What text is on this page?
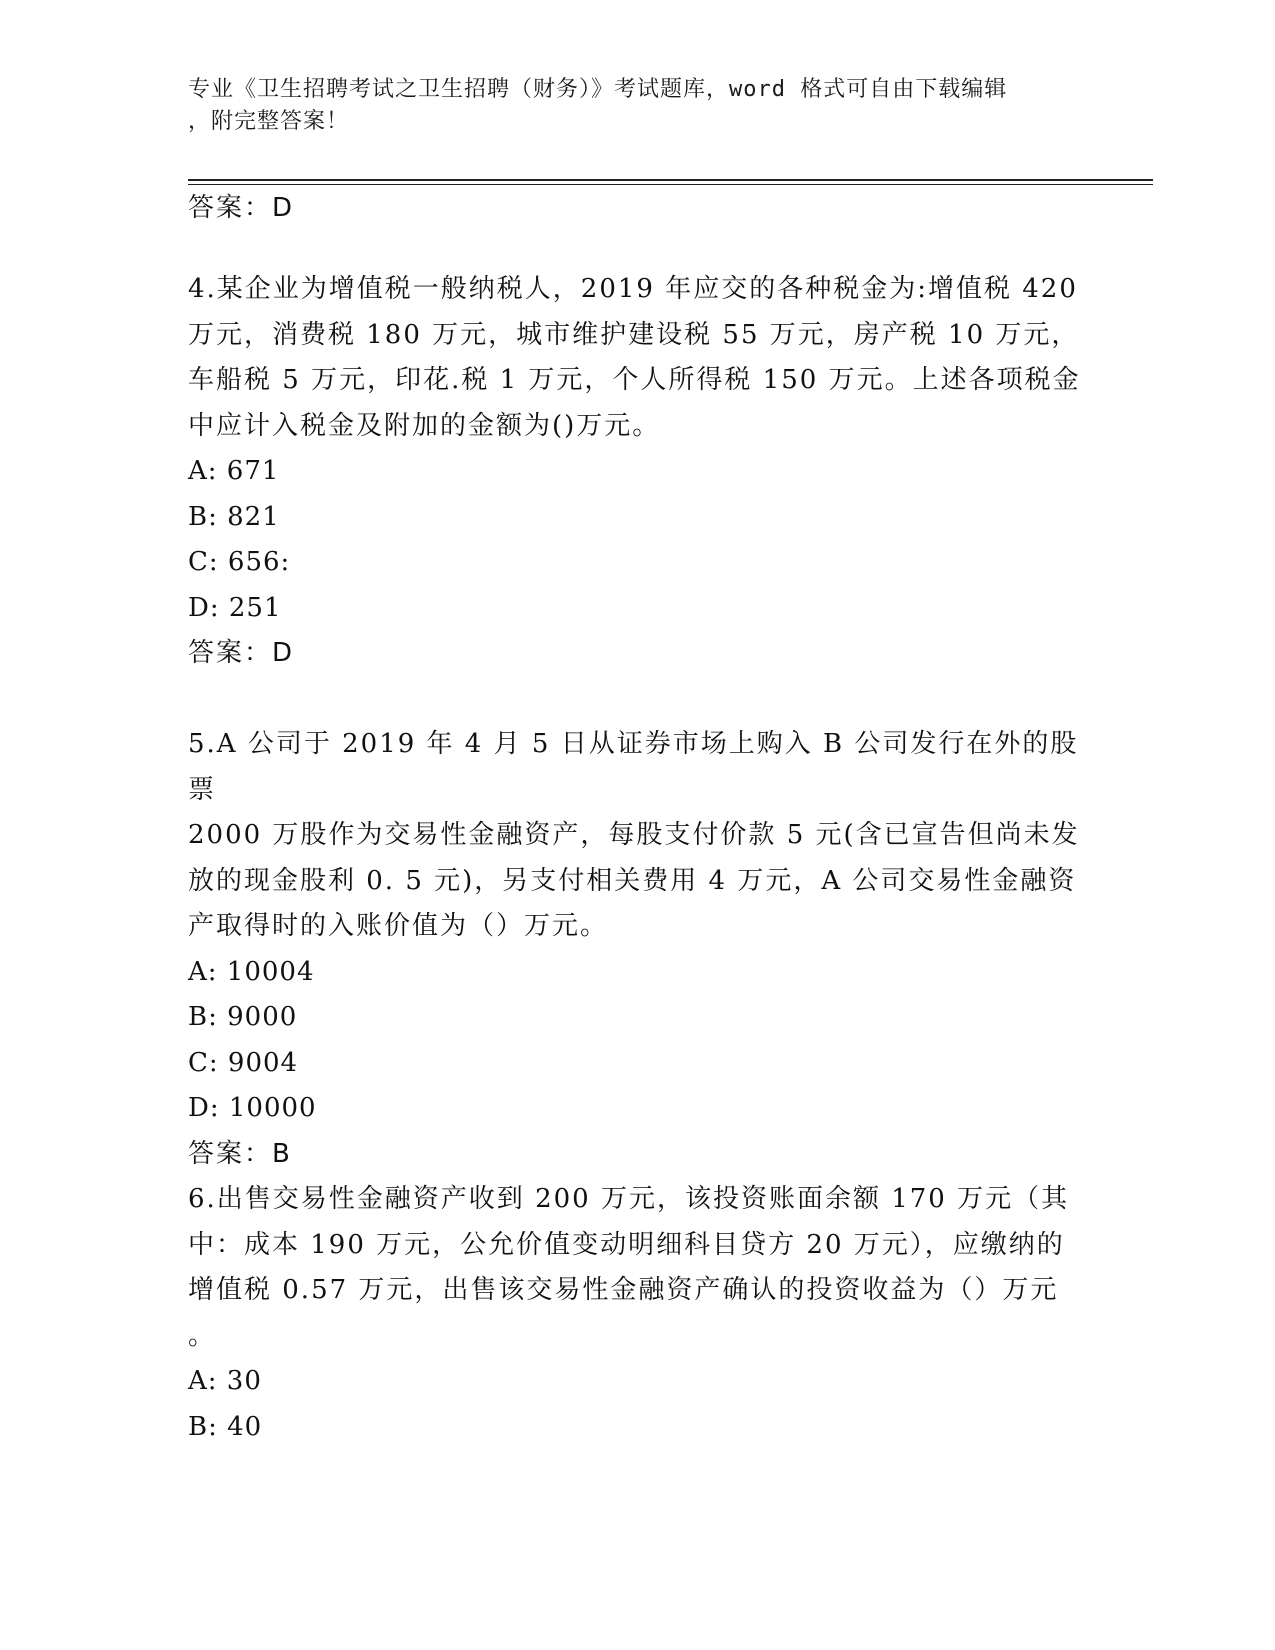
专业《卫生招聘考试之卫生招聘（财务）》考试题库，word 格式可自由下载编辑
，附完整答案！
答案：D
4.某企业为增值税一般纳税人，2019 年应交的各种税金为:增值税 420
万元，消费税 180 万元，城市维护建设税 55 万元，房产税 10 万元，
车船税 5 万元，印花.税 1 万元，个人所得税 150 万元。上述各项税金
中应计入税金及附加的金额为()万元。
A: 671
B: 821
C: 656:
D: 251
答案：D
5.A 公司于 2019 年 4 月 5 日从证券市场上购入 B 公司发行在外的股票
2000 万股作为交易性金融资产，每股支付价款 5 元(含已宣告但尚未发
放的现金股利 0. 5 元)，另支付相关费用 4 万元，A 公司交易性金融资
产取得时的入账价值为（）万元。
A: 10004
B: 9000
C: 9004
D: 10000
答案：B
6.出售交易性金融资产收到 200 万元，该投资账面余额 170 万元（其
中：成本 190 万元，公允价值变动明细科目贷方 20 万元），应缴纳的
增值税 0.57 万元，出售该交易性金融资产确认的投资收益为（）万元
。
A: 30
B: 40
